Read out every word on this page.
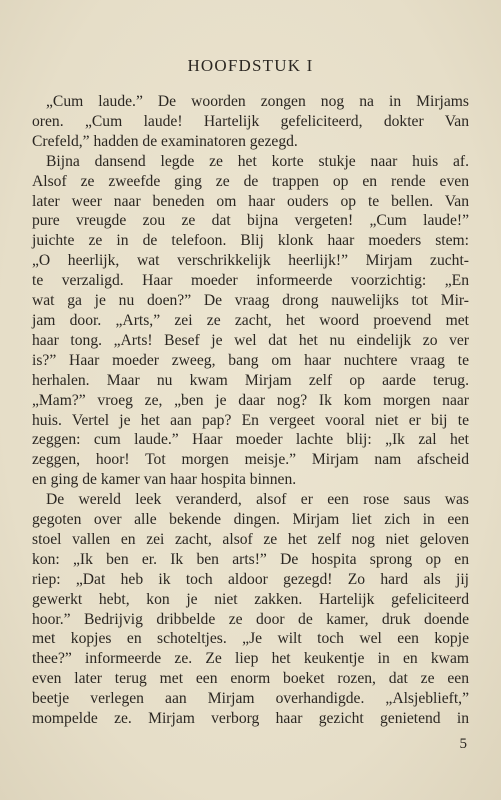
HOOFDSTUK I
„Cum laude.” De woorden zongen nog na in Mirjams
oren. „Cum laude! Hartelijk gefeliciteerd, dokter Van
Crefeld,” hadden de examinatoren gezegd.
Bijna dansend legde ze het korte stukje naar huis af.
Alsof ze zweefde ging ze de trappen op en rende even
later weer naar beneden om haar ouders op te bellen. Van
pure vreugde zou ze dat bijna vergeten! „Cum laude!”
juichte ze in de telefoon. Blij klonk haar moeders stem:
„O heerlijk, wat verschrikkelijk heerlijk!” Mirjam zucht-
te verzaligd. Haar moeder informeerde voorzichtig: „En
wat ga je nu doen?” De vraag drong nauwelijks tot Mir-
jam door. „Arts,” zei ze zacht, het woord proevend met
haar tong. „Arts! Besef je wel dat het nu eindelijk zo ver
is?” Haar moeder zweeg, bang om haar nuchtere vraag te
herhalen. Maar nu kwam Mirjam zelf op aarde terug.
„Mam?” vroeg ze, „ben je daar nog? Ik kom morgen naar
huis. Vertel je het aan pap? En vergeet vooral niet er bij te
zeggen: cum laude.” Haar moeder lachte blij: „Ik zal het
zeggen, hoor! Tot morgen meisje.” Mirjam nam afscheid
en ging de kamer van haar hospita binnen.
De wereld leek veranderd, alsof er een rose saus was
gegoten over alle bekende dingen. Mirjam liet zich in een
stoel vallen en zei zacht, alsof ze het zelf nog niet geloven
kon: „Ik ben er. Ik ben arts!” De hospita sprong op en
riep: „Dat heb ik toch aldoor gezegd! Zo hard als jij
gewerkt hebt, kon je niet zakken. Hartelijk gefeliciteerd
hoor.” Bedrijvig dribbelde ze door de kamer, druk doende
met kopjes en schoteltjes. „Je wilt toch wel een kopje
thee?” informeerde ze. Ze liep het keukentje in en kwam
even later terug met een enorm boeket rozen, dat ze een
beetje verlegen aan Mirjam overhandigde. „Alsjeblieft,”
mompelde ze. Mirjam verborg haar gezicht genietend in
5
